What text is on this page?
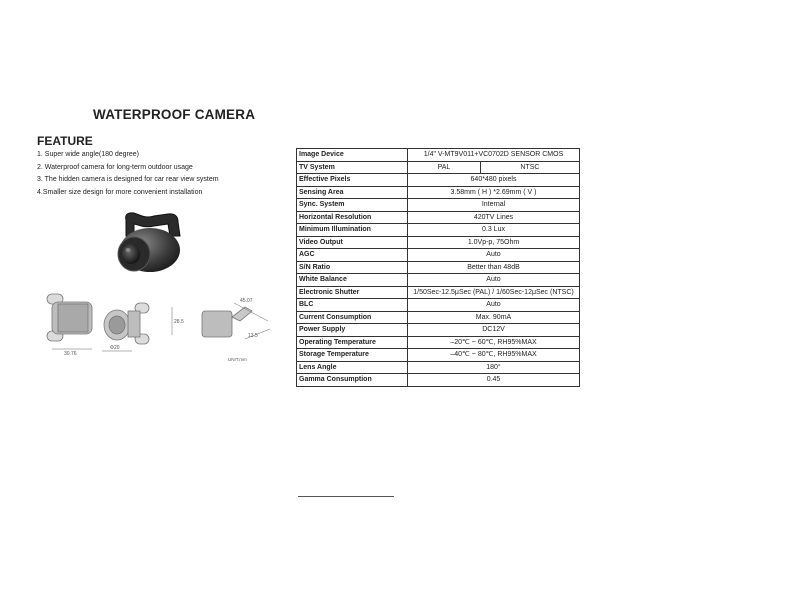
WATERPROOF CAMERA
FEATURE
1. Super wide angle(180 degree)
2. Waterproof camera for long-term outdoor usage
3. The hidden camera is designed for car rear view system
4.Smaller size design for more convenient installation
30.76
Φ20
45.07
28.5
13.5
UNIT:mm
Image Device	1/4" V-MT9V011+VC0702D SENSOR CMOS	
TV System	PAL	NTSC
Effective Pixels	640*480 pixels	
Sensing Area	3.58mm ( H ) *2.69mm ( V )	
Sync. System	Internal	
Horizontal Resolution	420TV Lines	
Minimum Illumination	0.3 Lux	
Video Output	1.0Vp-p, 75Ohm	
AGC	Auto	
S/N Ratio	Better than 48dB	
White Balance	Auto	
Electronic Shutter	1/50Sec-12.5μSec (PAL) / 1/60Sec-12μSec (NTSC)	
BLC	Auto	
Current Consumption	Max. 90mA	
Power Supply	DC12V	
Operating Temperature	–20℃ ~ 60℃, RH95%MAX	
Storage Temperature	–40℃ ~ 80℃, RH95%MAX	
Lens Angle	180°	
Gamma Consumption	0.45	
